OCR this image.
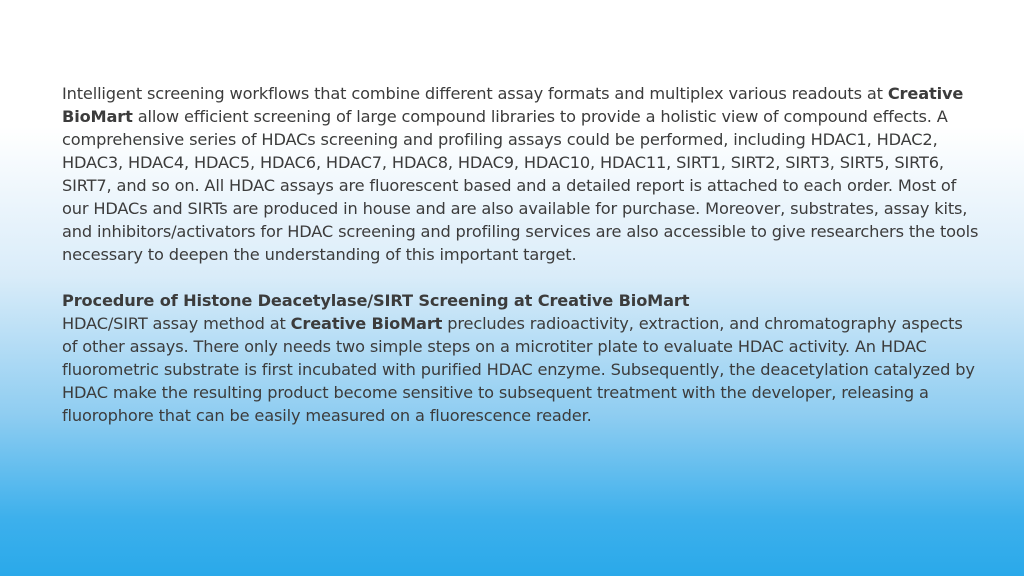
Intelligent screening workflows that combine different assay formats and multiplex various readouts at Creative BioMart allow efficient screening of large compound libraries to provide a holistic view of compound effects. A comprehensive series of HDACs screening and profiling assays could be performed, including HDAC1, HDAC2, HDAC3, HDAC4, HDAC5, HDAC6, HDAC7, HDAC8, HDAC9, HDAC10, HDAC11, SIRT1, SIRT2, SIRT3, SIRT5, SIRT6, SIRT7, and so on. All HDAC assays are fluorescent based and a detailed report is attached to each order. Most of our HDACs and SIRTs are produced in house and are also available for purchase. Moreover, substrates, assay kits, and inhibitors/activators for HDAC screening and profiling services are also accessible to give researchers the tools necessary to deepen the understanding of this important target.

Procedure of Histone Deacetylase/SIRT Screening at Creative BioMart

HDAC/SIRT assay method at Creative BioMart precludes radioactivity, extraction, and chromatography aspects of other assays. There only needs two simple steps on a microtiter plate to evaluate HDAC activity. An HDAC fluorometric substrate is first incubated with purified HDAC enzyme. Subsequently, the deacetylation catalyzed by HDAC make the resulting product become sensitive to subsequent treatment with the developer, releasing a fluorophore that can be easily measured on a fluorescence reader.
